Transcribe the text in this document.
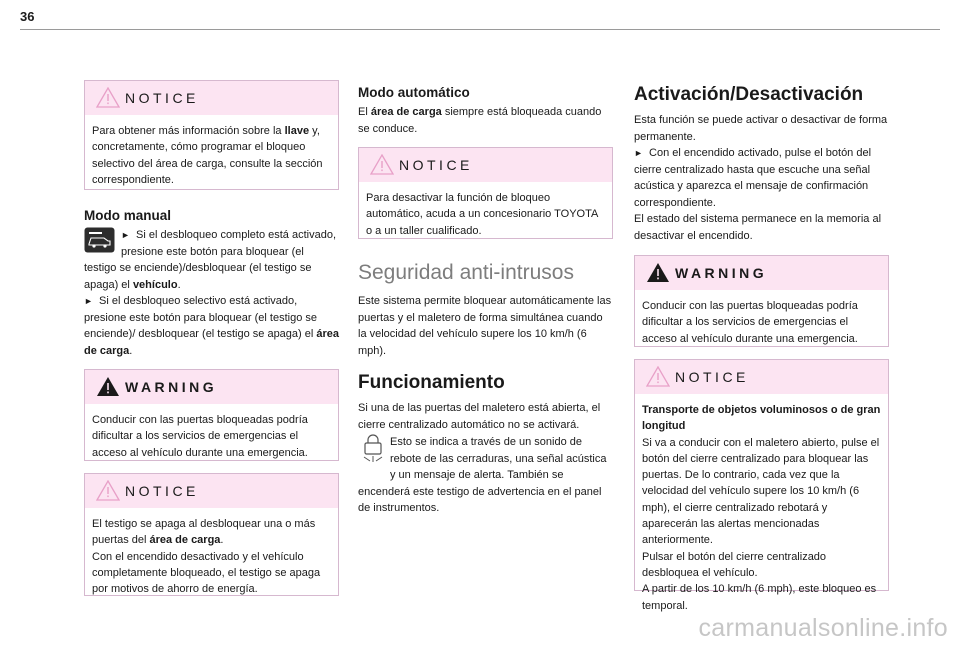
36
NOTICE
Para obtener más información sobre la llave y, concretamente, cómo programar el bloqueo selectivo del área de carga, consulte la sección correspondiente.
Modo manual
► Si el desbloqueo completo está activado, presione este botón para bloquear (el testigo se enciende)/desbloquear (el testigo se apaga) el vehículo.
► Si el desbloqueo selectivo está activado, presione este botón para bloquear (el testigo se enciende)/ desbloquear (el testigo se apaga) el área de carga.
WARNING
Conducir con las puertas bloqueadas podría dificultar a los servicios de emergencias el acceso al vehículo durante una emergencia.
NOTICE
El testigo se apaga al desbloquear una o más puertas del área de carga.
Con el encendido desactivado y el vehículo completamente bloqueado, el testigo se apaga por motivos de ahorro de energía.
Modo automático
El área de carga siempre está bloqueada cuando se conduce.
NOTICE
Para desactivar la función de bloqueo automático, acuda a un concesionario TOYOTA o a un taller cualificado.
Seguridad anti-intrusos
Este sistema permite bloquear automáticamente las puertas y el maletero de forma simultánea cuando la velocidad del vehículo supere los 10 km/h (6 mph).
Funcionamiento
Si una de las puertas del maletero está abierta, el cierre centralizado automático no se activará.
Esto se indica a través de un sonido de rebote de las cerraduras, una señal acústica y un mensaje de alerta. También se encenderá este testigo de advertencia en el panel de instrumentos.
Activación/Desactivación
Esta función se puede activar o desactivar de forma permanente.
► Con el encendido activado, pulse el botón del cierre centralizado hasta que escuche una señal acústica y aparezca el mensaje de confirmación correspondiente.
El estado del sistema permanece en la memoria al desactivar el encendido.
WARNING
Conducir con las puertas bloqueadas podría dificultar a los servicios de emergencias el acceso al vehículo durante una emergencia.
NOTICE
Transporte de objetos voluminosos o de gran longitud
Si va a conducir con el maletero abierto, pulse el botón del cierre centralizado para bloquear las puertas. De lo contrario, cada vez que la velocidad del vehículo supere los 10 km/h (6 mph), el cierre centralizado rebotará y aparecerán las alertas mencionadas anteriormente.
Pulsar el botón del cierre centralizado desbloquea el vehículo.
A partir de los 10 km/h (6 mph), este bloqueo es temporal.
carmanualsonline.info
